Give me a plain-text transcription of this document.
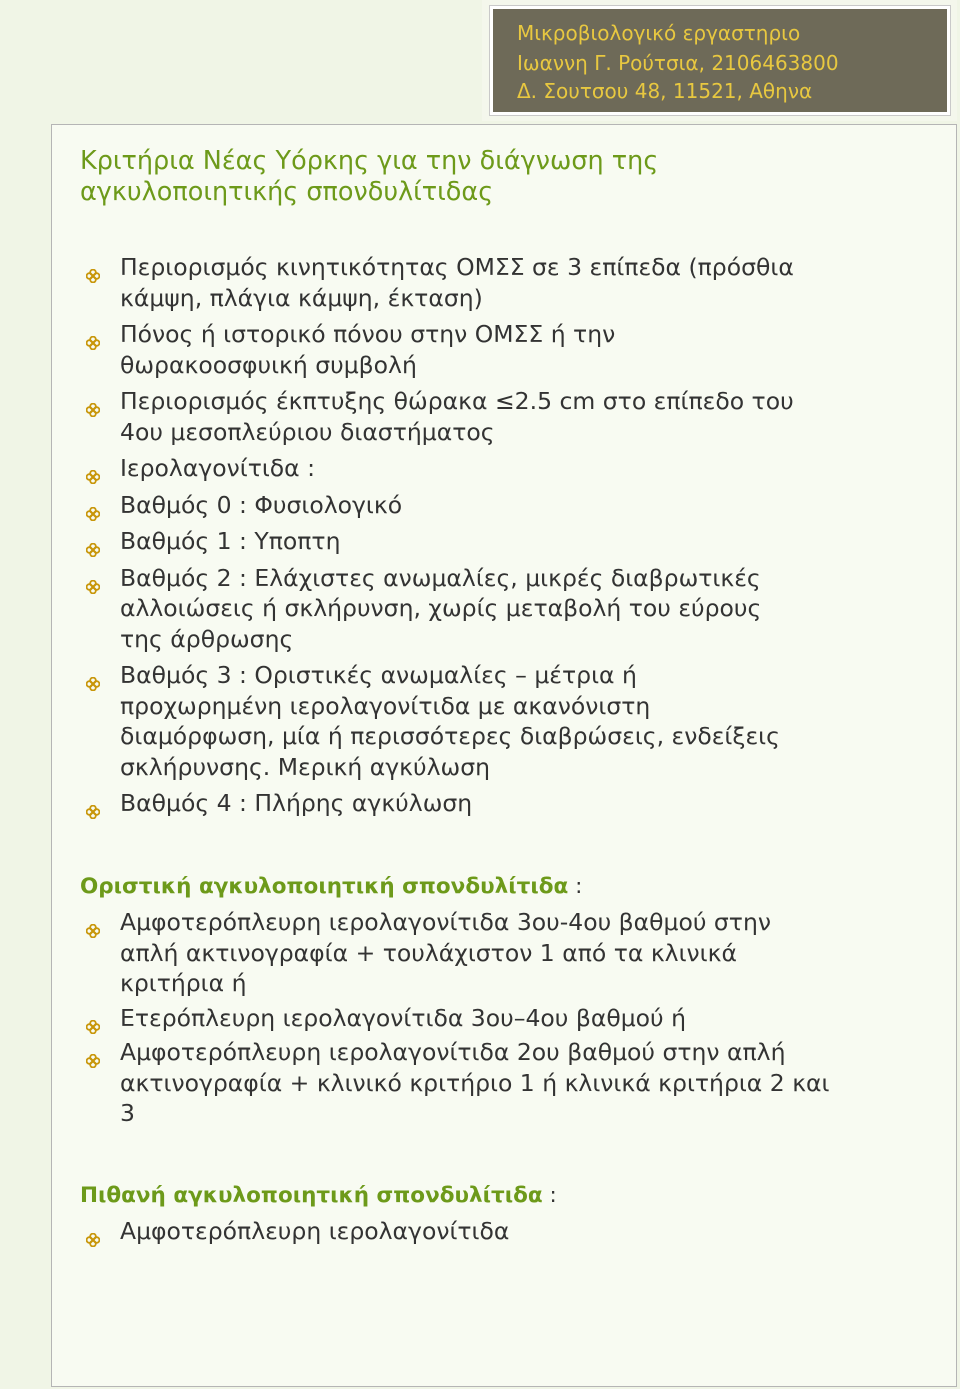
Μικροβιολογικό εργαστηριο
Ιωαννη Γ. Ρούτσια, 2106463800
Δ. Σουτσου 48, 11521, Αθηνα
Κριτήρια Νέας Υόρκης για την διάγνωση της
αγκυλοποιητικής σπονδυλίτιδας
Περιορισμός κινητικότητας ΟΜΣΣ σε 3 επίπεδα (πρόσθια
κάμψη, πλάγια κάμψη, έκταση)
Πόνος ή ιστορικό πόνου στην ΟΜΣΣ ή την
θωρακοοσφυική συμβολή
Περιορισμός έκπτυξης θώρακα ≤2.5 cm στο επίπεδο του
4ου μεσοπλεύριου διαστήματος
Ιερολαγονίτιδα :
Βαθμός 0 : Φυσιολογικό
Βαθμός 1 : Υποπτη
Βαθμός 2 : Ελάχιστες ανωμαλίες, μικρές διαβρωτικές
αλλοιώσεις ή σκλήρυνση, χωρίς μεταβολή του εύρους
της άρθρωσης
Βαθμός 3 : Οριστικές ανωμαλίες – μέτρια ή
προχωρημένη ιερολαγονίτιδα με ακανόνιστη
διαμόρφωση, μία ή περισσότερες διαβρώσεις, ενδείξεις
σκλήρυνσης. Μερική αγκύλωση
Βαθμός 4 : Πλήρης αγκύλωση
Οριστική αγκυλοποιητική σπονδυλίτιδα :
Αμφοτερόπλευρη ιερολαγονίτιδα 3ου-4ου βαθμού στην
απλή ακτινογραφία + τουλάχιστον 1 από τα κλινικά
κριτήρια ή
Ετερόπλευρη ιερολαγονίτιδα 3ου–4ου βαθμού ή
Αμφοτερόπλευρη ιερολαγονίτιδα 2ου βαθμού στην απλή
ακτινογραφία + κλινικό κριτήριο 1 ή κλινικά κριτήρια 2 και
3
Πιθανή αγκυλοποιητική σπονδυλίτιδα :
Αμφοτερόπλευρη ιερολαγονίτιδα
